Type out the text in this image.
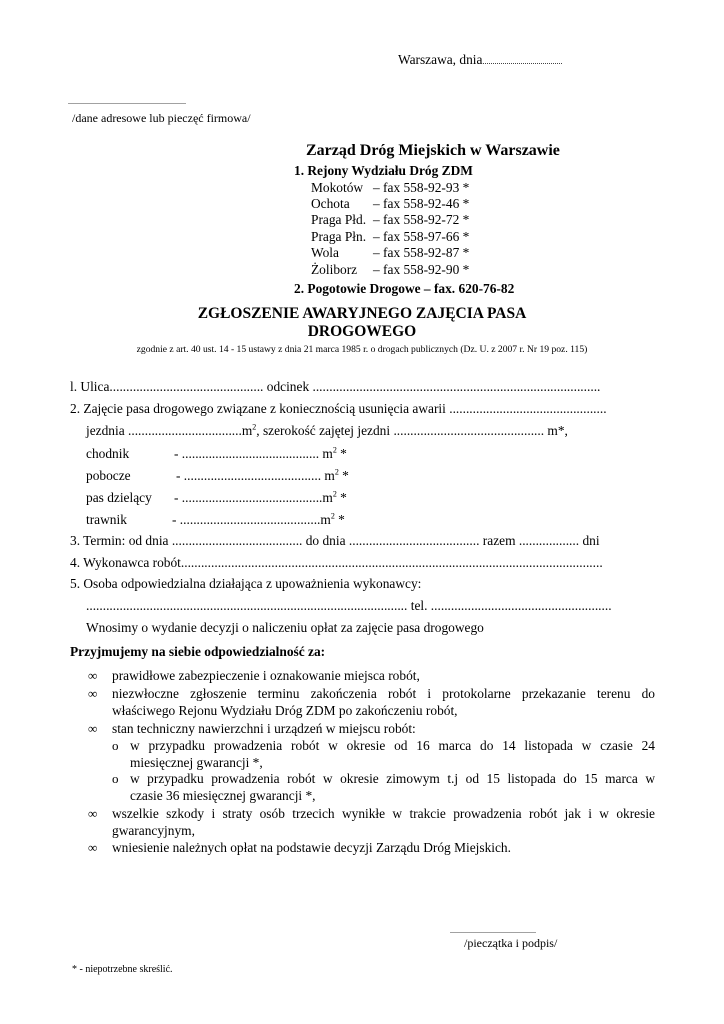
Warszawa, dnia........................................
...........................................................
/dane adresowe lub pieczęć firmowa/
Zarząd Dróg Miejskich w Warszawie
1. Rejony Wydziału Dróg ZDM
Mokotów – fax 558-92-93 *
Ochota – fax 558-92-46 *
Praga Płd. – fax 558-92-72 *
Praga Płn. – fax 558-97-66 *
Wola	– fax 558-92-87 *
Żoliborz – fax 558-92-90 *
2. Pogotowie Drogowe – fax. 620-76-82
ZGŁOSZENIE AWARYJNEGO ZAJĘCIA PASA
DROGOWEGO
zgodnie z art. 40 ust. 14 - 15 ustawy z dnia 21 marca 1985 r. o drogach publicznych (Dz. U. z 2007 r. Nr 19 poz. 115)
l. Ulica.............................................. odcinek ......................................................................................
2. Zajęcie pasa drogowego związane z koniecznością usunięcia awarii ...............................................
jezdnia $..................................m^2$, szerokość zajętej jezdni ............................................. m*,
chodnik	- ......................................... $m^2$ *
pobocze	- ......................................... $m^2$ *
pas dzielący - $..........................................m^2$ *
trawnik	- $..........................................m^2$ *
3. Termin: od dnia ....................................... do dnia ....................................... razem .................. dni
4. Wykonawca robót..............................................................................................................................
5. Osoba odpowiedzialna działająca z upoważnienia wykonawcy:
................................................................................................ tel. ......................................................
Wnosimy o wydanie decyzji o naliczeniu opłat za zajęcie pasa drogowego
Przyjmujemy na siebie odpowiedzialność za:
∞ prawidłowe zabezpieczenie i oznakowanie miejsca robót,
∞ niezwłoczne zgłoszenie terminu zakończenia robót i protokolarne przekazanie terenu do
właściwego Rejonu Wydziału Dróg ZDM po zakończeniu robót,
∞ stan techniczny nawierzchni i urządzeń w miejscu robót:
o w przypadku prowadzenia robót w okresie od 16 marca do 14 listopada w czasie 24
miesięcznej gwarancji *,
o w przypadku prowadzenia robót w okresie zimowym t.j od 15 listopada do 15 marca w
czasie 36 miesięcznej gwarancji *,
∞ wszelkie szkody i straty osób trzecich wynikłe w trakcie prowadzenia robót jak i w okresie
gwarancyjnym,
∞ wniesienie należnych opłat na podstawie decyzji Zarządu Dróg Miejskich.
...........................................
/pieczątka i podpis/
* - niepotrzebne skreślić.
